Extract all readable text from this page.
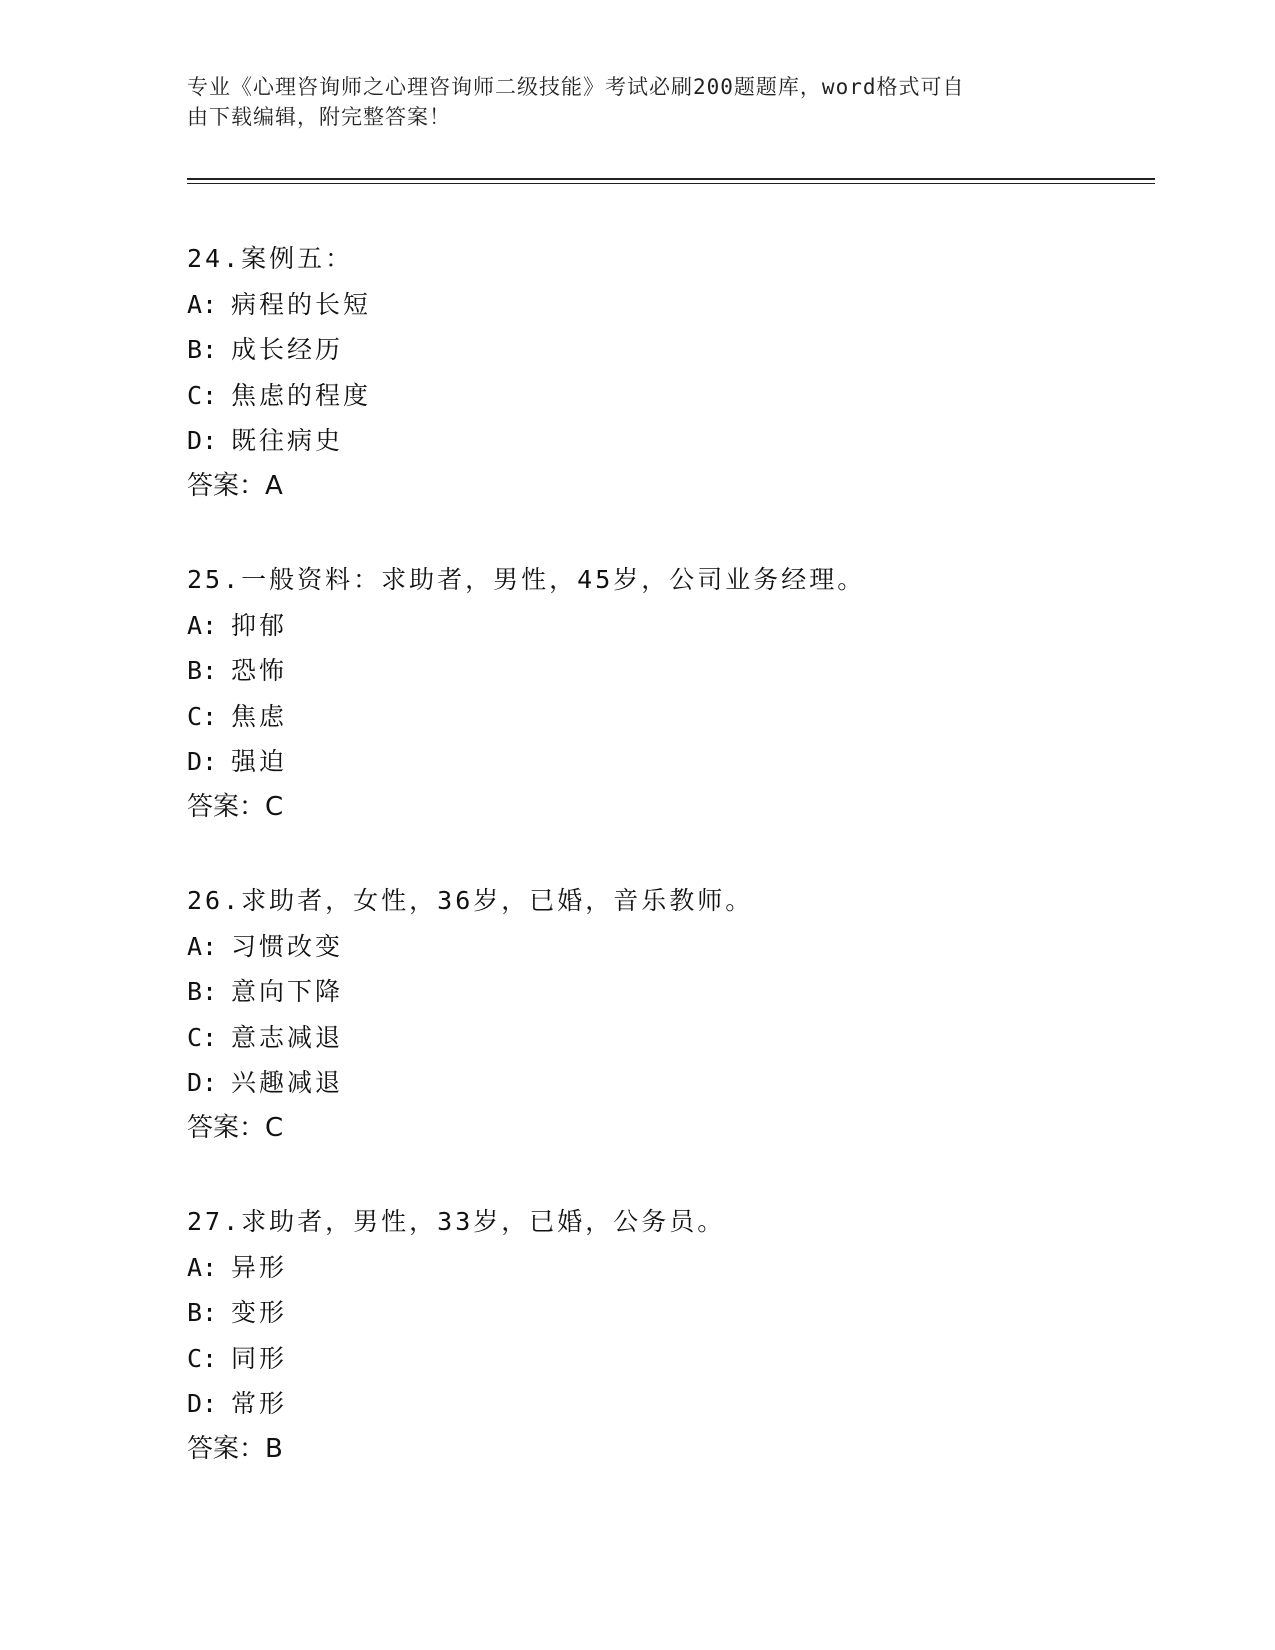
专业《心理咨询师之心理咨询师二级技能》考试必刷200题题库，word格式可自
由下载编辑，附完整答案！
24.案例五：
A: 病程的长短
B: 成长经历
C: 焦虑的程度
D: 既往病史
答案：A
25.一般资料：求助者，男性，45岁，公司业务经理。
A: 抑郁
B: 恐怖
C: 焦虑
D: 强迫
答案：C
26.求助者，女性，36岁，已婚，音乐教师。
A: 习惯改变
B: 意向下降
C: 意志减退
D: 兴趣减退
答案：C
27.求助者，男性，33岁，已婚，公务员。
A: 异形
B: 变形
C: 同形
D: 常形
答案：B
